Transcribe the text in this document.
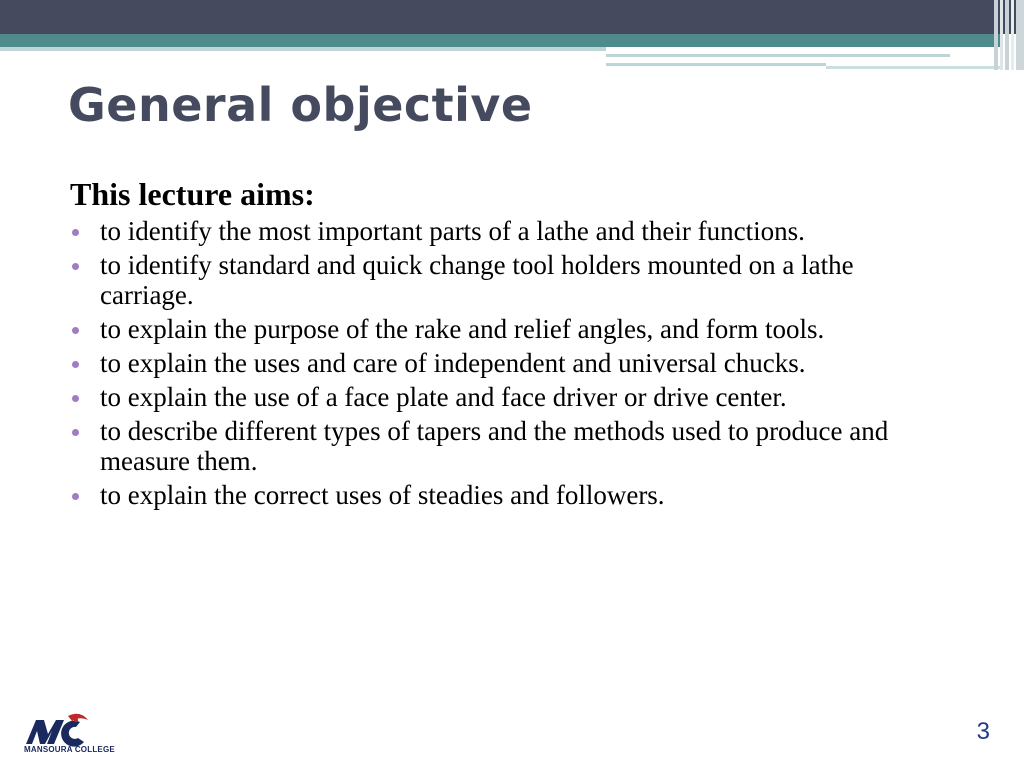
General objective

This lecture aims:

to identify the most important parts of a lathe and their functions.
to identify standard and quick change tool holders mounted on a lathe carriage.
to explain the purpose of the rake and relief angles, and form tools.
to explain the uses and care of independent and universal chucks.
to explain the use of a face plate and face driver or drive center.
to describe different types of tapers and the methods used to produce and measure them.
to explain the correct uses of steadies and followers.
MANSOURA COLLEGE
3
